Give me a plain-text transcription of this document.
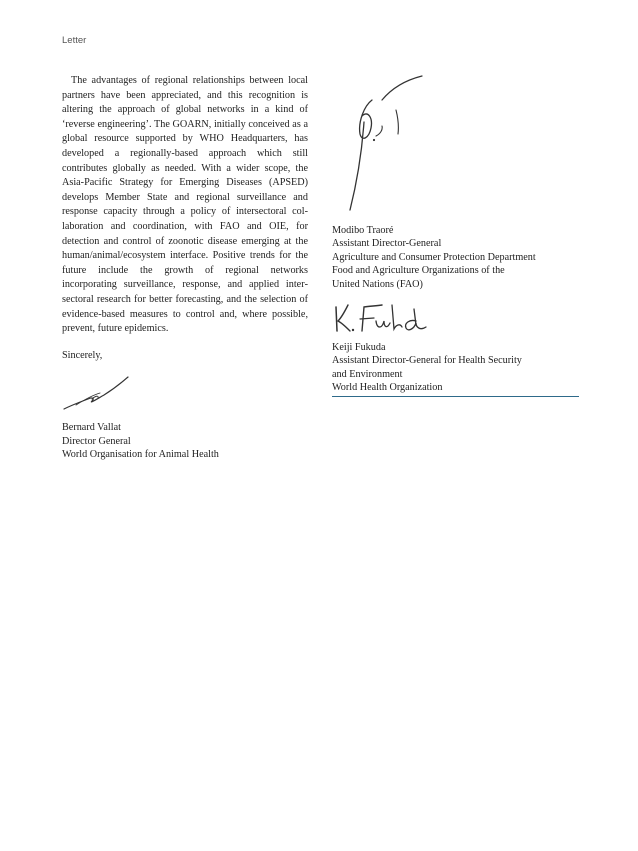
Letter

The advantages of regional relationships between local partners have been appreciated, and this recognition is altering the approach of global networks in a kind of ‘reverse engineering’. The GOARN, initially conceived as a global resource supported by WHO Headquarters, has developed a regionally-based approach which still contributes globally as needed. With a wider scope, the Asia-Pacific Strategy for Emerging Diseases (APSED) develops Member State and regional surveillance and response capacity through a policy of intersectoral collaboration and coordination, with FAO and OIE, for detection and control of zoonotic disease emerging at the human/animal/ecosystem interface. Positive trends for the future include the growth of regional networks incorporating surveillance, response, and applied intersectoral research for better forecasting, and the selection of evidence-based measures to control and, where possible, prevent, future epidemics.

Sincerely,

Bernard Vallat
Director General
World Organisation for Animal Health
Modibo Traoré
Assistant Director-General
Agriculture and Consumer Protection Department
Food and Agriculture Organizations of the
United Nations (FAO)
Keiji Fukuda
Assistant Director-General for Health Security
and Environment
World Health Organization
